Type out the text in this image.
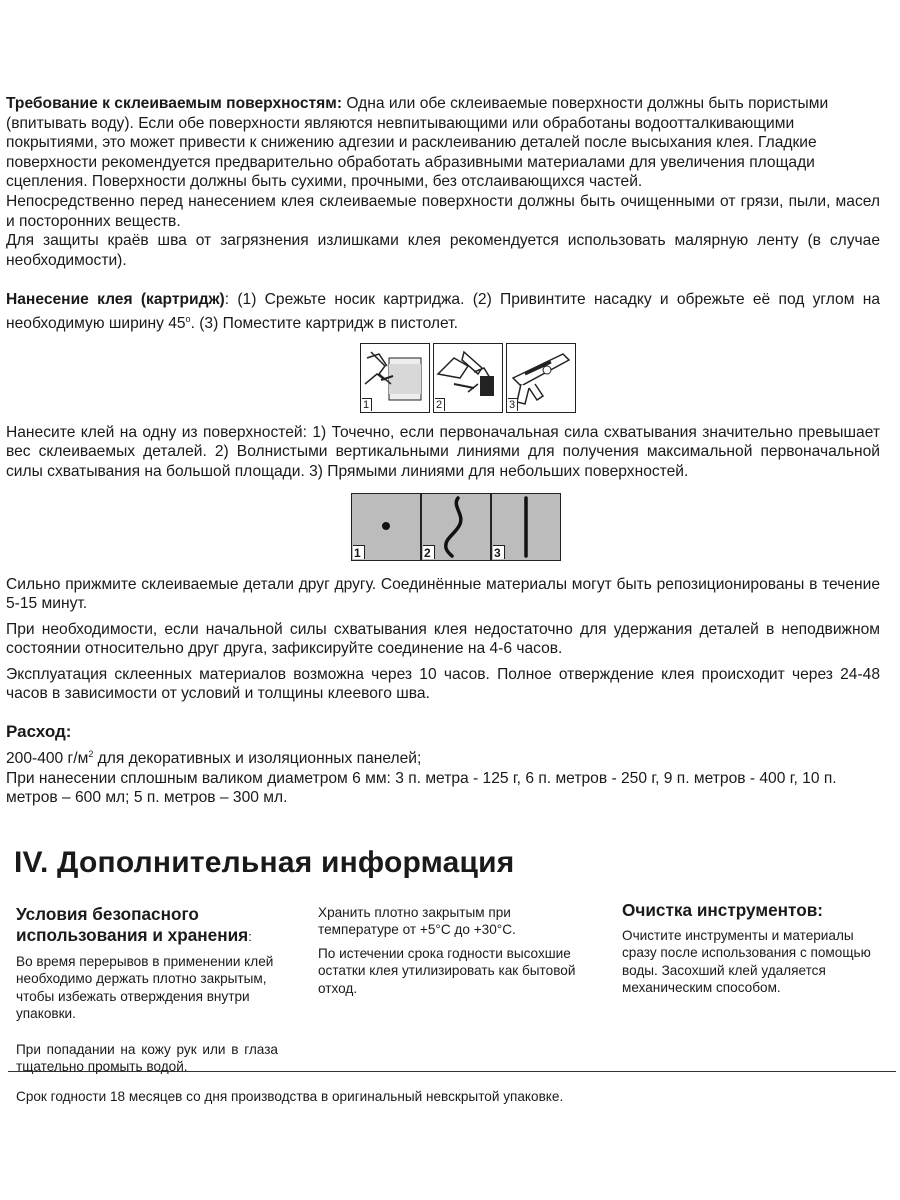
Требование к склеиваемым поверхностям: Одна или обе склеиваемые поверхности должны быть пористыми (впитывать воду). Если обе поверхности являются невпитывающими или обработаны водоотталкивающими покрытиями, это может привести к снижению адгезии и расклеиванию деталей после высыхания клея. Гладкие поверхности рекомендуется предварительно обработать абразивными материалами для увеличения площади сцепления. Поверхности должны быть сухими, прочными, без отслаивающихся частей.

Непосредственно перед нанесением клея склеиваемые поверхности должны быть очищенными от грязи, пыли, масел и посторонних веществ.

Для защиты краёв шва от загрязнения излишками клея рекомендуется использовать малярную ленту (в случае необходимости).

Нанесение клея (картридж): (1) Срежьте носик картриджа. (2) Привинтите насадку и обрежьте её под углом на необходимую ширину $45^о$. (3) Поместите картридж в пистолет.

1	2	3

Нанесите клей на одну из поверхностей: 1) Точечно, если первоначальная сила схватывания значительно превышает вес склеиваемых деталей. 2) Волнистыми вертикальными линиями для получения максимальной первоначальной силы схватывания на большой площади. 3) Прямыми линиями для небольших поверхностей.

1	2	3

Сильно прижмите склеиваемые детали друг другу. Соединённые материалы могут быть репозиционированы в течение 5-15 минут.

При необходимости, если начальной силы схватывания клея недостаточно для удержания деталей в неподвижном состоянии относительно друг друга, зафиксируйте соединение на 4-6 часов.

Эксплуатация склеенных материалов возможна через 10 часов. Полное отверждение клея происходит через 24-48 часов в зависимости от условий и толщины клеевого шва.

Расход:

200-400 $г/м^2$ для декоративных и изоляционных панелей;

При нанесении сплошным валиком диаметром 6 мм: 3 п. метра - 125 г, 6 п. метров - 250 г, 9 п. метров - 400 г, 10 п. метров – 600 мл; 5 п. метров – 300 мл.

IV. Дополнительная информация
Условия безопасного использования и хранения:

Во время перерывов в применении клей необходимо держать плотно закрытым, чтобы избежать отверждения внутри упаковки.

При попадании на кожу рук или в глаза тщательно промыть водой.

Хранить плотно закрытым при температуре от +5°С до +30°С.

По истечении срока годности высохшие остатки клея утилизировать как бытовой отход.

Очистка инструментов:

Очистите инструменты и материалы сразу после использования с помощью воды. Засохший клей удаляется механическим способом.

Срок годности 18 месяцев со дня производства в оригинальный невскрытой упаковке.
